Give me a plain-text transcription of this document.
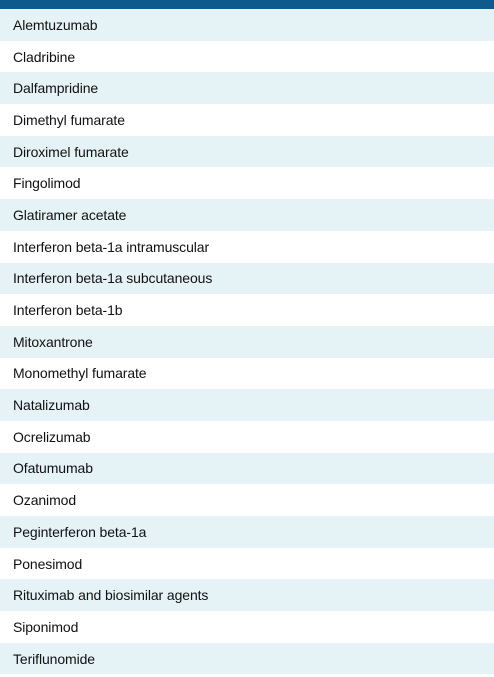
Alemtuzumab
Cladribine
Dalfampridine
Dimethyl fumarate
Diroximel fumarate
Fingolimod
Glatiramer acetate
Interferon beta-1a intramuscular
Interferon beta-1a subcutaneous
Interferon beta-1b
Mitoxantrone
Monomethyl fumarate
Natalizumab
Ocrelizumab
Ofatumumab
Ozanimod
Peginterferon beta-1a
Ponesimod
Rituximab and biosimilar agents
Siponimod
Teriflunomide
